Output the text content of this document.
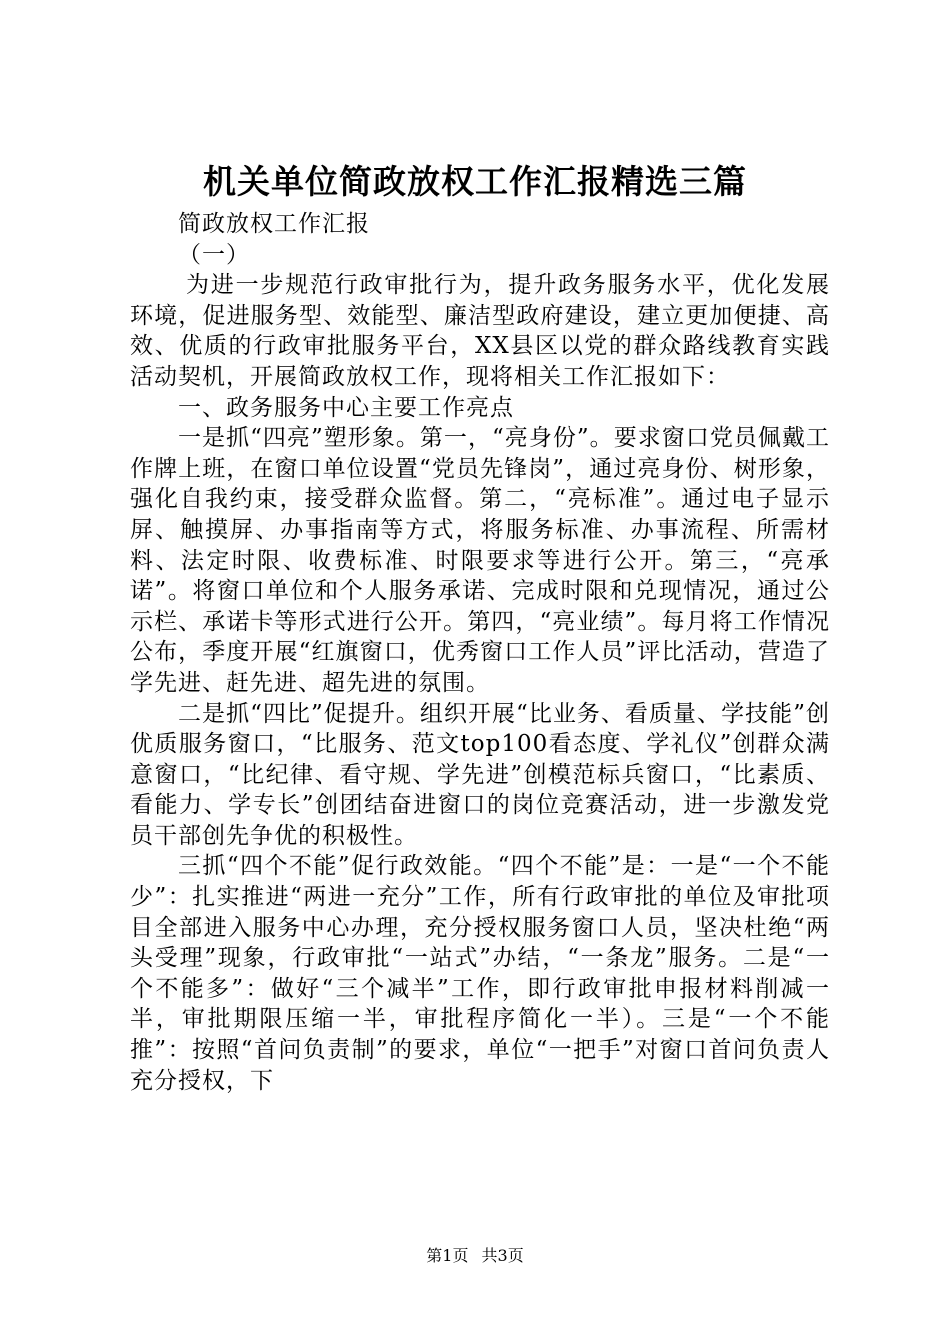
机关单位简政放权工作汇报精选三篇

简政放权工作汇报

（一）

为进一步规范行政审批行为，提升政务服务水平，优化发展环境，促进服务型、效能型、廉洁型政府建设，建立更加便捷、高效、优质的行政审批服务平台，XX县区以党的群众路线教育实践活动契机，开展简政放权工作，现将相关工作汇报如下：

一、政务服务中心主要工作亮点

一是抓“四亮”塑形象。第一，“亮身份”。要求窗口党员佩戴工作牌上班，在窗口单位设置“党员先锋岗”，通过亮身份、树形象，强化自我约束，接受群众监督。第二，“亮标准”。通过电子显示屏、触摸屏、办事指南等方式，将服务标准、办事流程、所需材料、法定时限、收费标准、时限要求等进行公开。第三，“亮承诺”。将窗口单位和个人服务承诺、完成时限和兑现情况，通过公示栏、承诺卡等形式进行公开。第四，“亮业绩”。每月将工作情况公布，季度开展“红旗窗口，优秀窗口工作人员”评比活动，营造了学先进、赶先进、超先进的氛围。

二是抓“四比”促提升。组织开展“比业务、看质量、学技能”创优质服务窗口，“比服务、范文top100看态度、学礼仪”创群众满意窗口，“比纪律、看守规、学先进”创模范标兵窗口，“比素质、看能力、学专长”创团结奋进窗口的岗位竞赛活动，进一步激发党员干部创先争优的积极性。

三抓“四个不能”促行政效能。“四个不能”是：一是“一个不能少”：扎实推进“两进一充分”工作，所有行政审批的单位及审批项目全部进入服务中心办理，充分授权服务窗口人员，坚决杜绝“两头受理”现象，行政审批“一站式”办结，“一条龙”服务。二是“一个不能多”：做好“三个减半”工作，即行政审批申报材料削减一半，审批期限压缩一半，审批程序简化一半）。三是“一个不能推”：按照“首问负责制”的要求，单位“一把手”对窗口首问负责人充分授权，下

第1页 共3页
